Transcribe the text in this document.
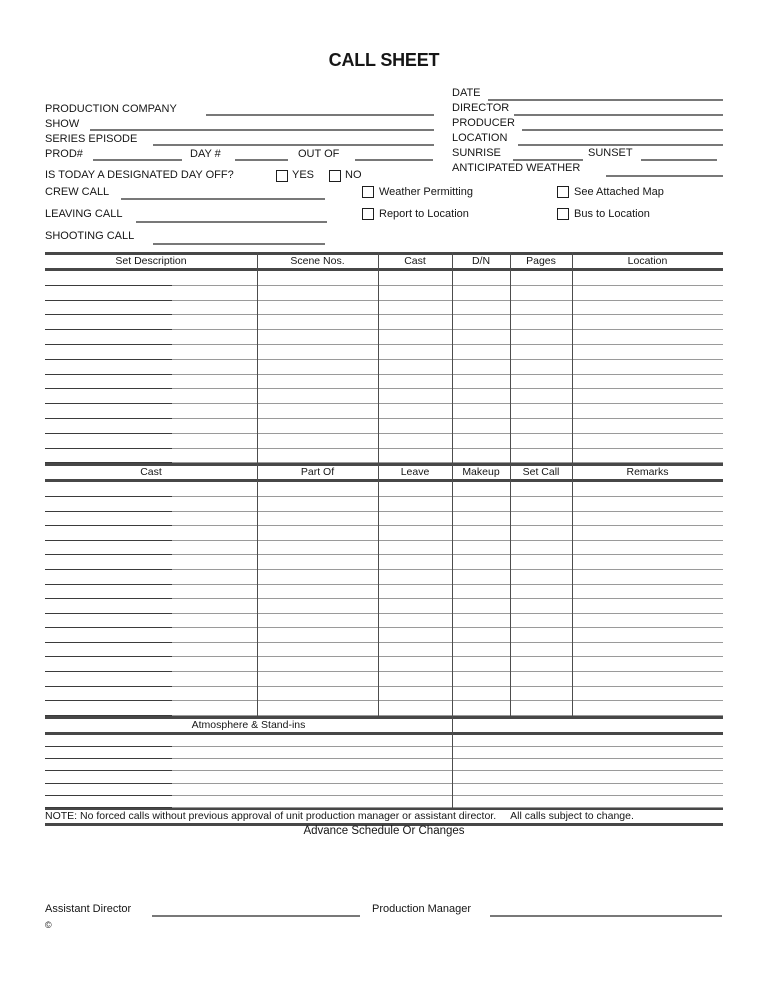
CALL SHEET
PRODUCTION COMPANY
SHOW
SERIES EPISODE
PROD#	DAY #	OUT OF
DATE
DIRECTOR
PRODUCER
LOCATION
SUNRISE	SUNSET
ANTICIPATED WEATHER
IS TODAY A DESIGNATED DAY OFF?	YES	NO
CREW CALL	Weather Permitting	See Attached Map
LEAVING CALL	Report to Location	Bus to Location
SHOOTING CALL
Set Description	Scene Nos.	Cast	D/N	Pages	Location
Cast	Part Of	Leave	Makeup	Set Call	Remarks
Atmosphere & Stand-ins
NOTE: No forced calls without previous approval of unit production manager or assistant director. All calls subject to change.
Advance Schedule Or Changes
Assistant Director	Production Manager
©
